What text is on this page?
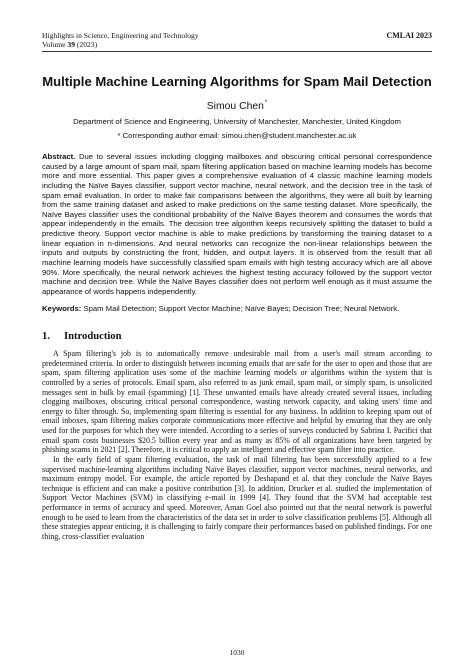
Highlights in Science, Engineering and Technology
Volume 39 (2023)
CMLAI 2023
Multiple Machine Learning Algorithms for Spam Mail Detection
Simou Chen*
Department of Science and Engineering, University of Manchester, Manchester, United Kingdom
* Corresponding author email: simou.chen@student.manchester.ac.uk
Abstract. Due to several issues including clogging mailboxes and obscuring critical personal correspondence caused by a large amount of spam mail, spam filtering application based on machine learning models has become more and more essential. This paper gives a comprehensive evaluation of 4 classic machine learning models including the Naïve Bayes classifier, support vector machine, neural network, and the decision tree in the task of spam email evaluation. In order to make fair comparisons between the algorithms, they were all built by learning from the same training dataset and asked to make predictions on the same testing dataset. More specifically, the Naïve Bayes classifier uses the conditional probability of the Naïve Bayes theorem and consumes the words that appear independently in the emails. The decision tree algorithm keeps recursively splitting the dataset to build a predictive theory. Support vector machine is able to make predictions by transforming the training dataset to a linear equation in n-dimensions. And neural networks can recognize the non-linear relationships between the inputs and outputs by constructing the front, hidden, and output layers. It is observed from the result that all machine learning models have successfully classified spam emails with high testing accuracy which are all above 90%. More specifically, the neural network achieves the highest testing accuracy followed by the support vector machine and decision tree. While the Naïve Bayes classifier does not perform well enough as it must assume the appearance of words happens independently.
Keywords: Spam Mail Detection; Support Vector Machine; Naïve Bayes; Decision Tree; Neural Network.
1.	Introduction

A Spam filtering's job is to automatically remove undesirable mail from a user's mail stream according to predetermined criteria. In order to distinguish between incoming emails that are safe for the user to open and those that are spam, spam filtering application uses some of the machine learning models or algorithms within the system that is controlled by a series of protocols. Email spam, also referred to as junk email, spam mail, or simply spam, is unsolicited messages sent in bulk by email (spamming) [1]. These unwanted emails have already created several issues, including clogging mailboxes, obscuring critical personal correspondence, wasting network capacity, and taking users' time and energy to filter through. So, implementing spam filtering is essential for any business. In addition to keeping spam out of email inboxes, spam filtering makes corporate communications more effective and helpful by ensuring that they are only used for the purposes for which they were intended. According to a series of surveys conducted by Sabrina I. Pacifici that email spam costs businesses $20.5 billion every year and as many as 85% of all organizations have been targeted by phishing scams in 2021 [2]. Therefore, it is critical to apply an intelligent and effective spam filter into practice.

In the early field of spam filtering evaluation, the task of mail filtering has been successfully applied to a few supervised machine-learning algorithms including Naïve Bayes classifier, support vector machines, neural networks, and maximum entropy model. For example, the article reported by Deshapand et al. that they conclude the Naïve Bayes technique is efficient and can make a positive contribution [3]. In addition, Drucker et al. studied the implementation of Support Vector Machines (SVM) in classifying e-mail in 1999 [4]. They found that the SVM had acceptable test performance in terms of accuracy and speed. Moreover, Aman Goel also pointed out that the neural network is powerful enough to be used to learn from the characteristics of the data set in order to solve classification problems [5]. Although all these strategies appear enticing, it is challenging to fairly compare their performances based on published findings. For one thing, cross-classifier evaluation

1030
